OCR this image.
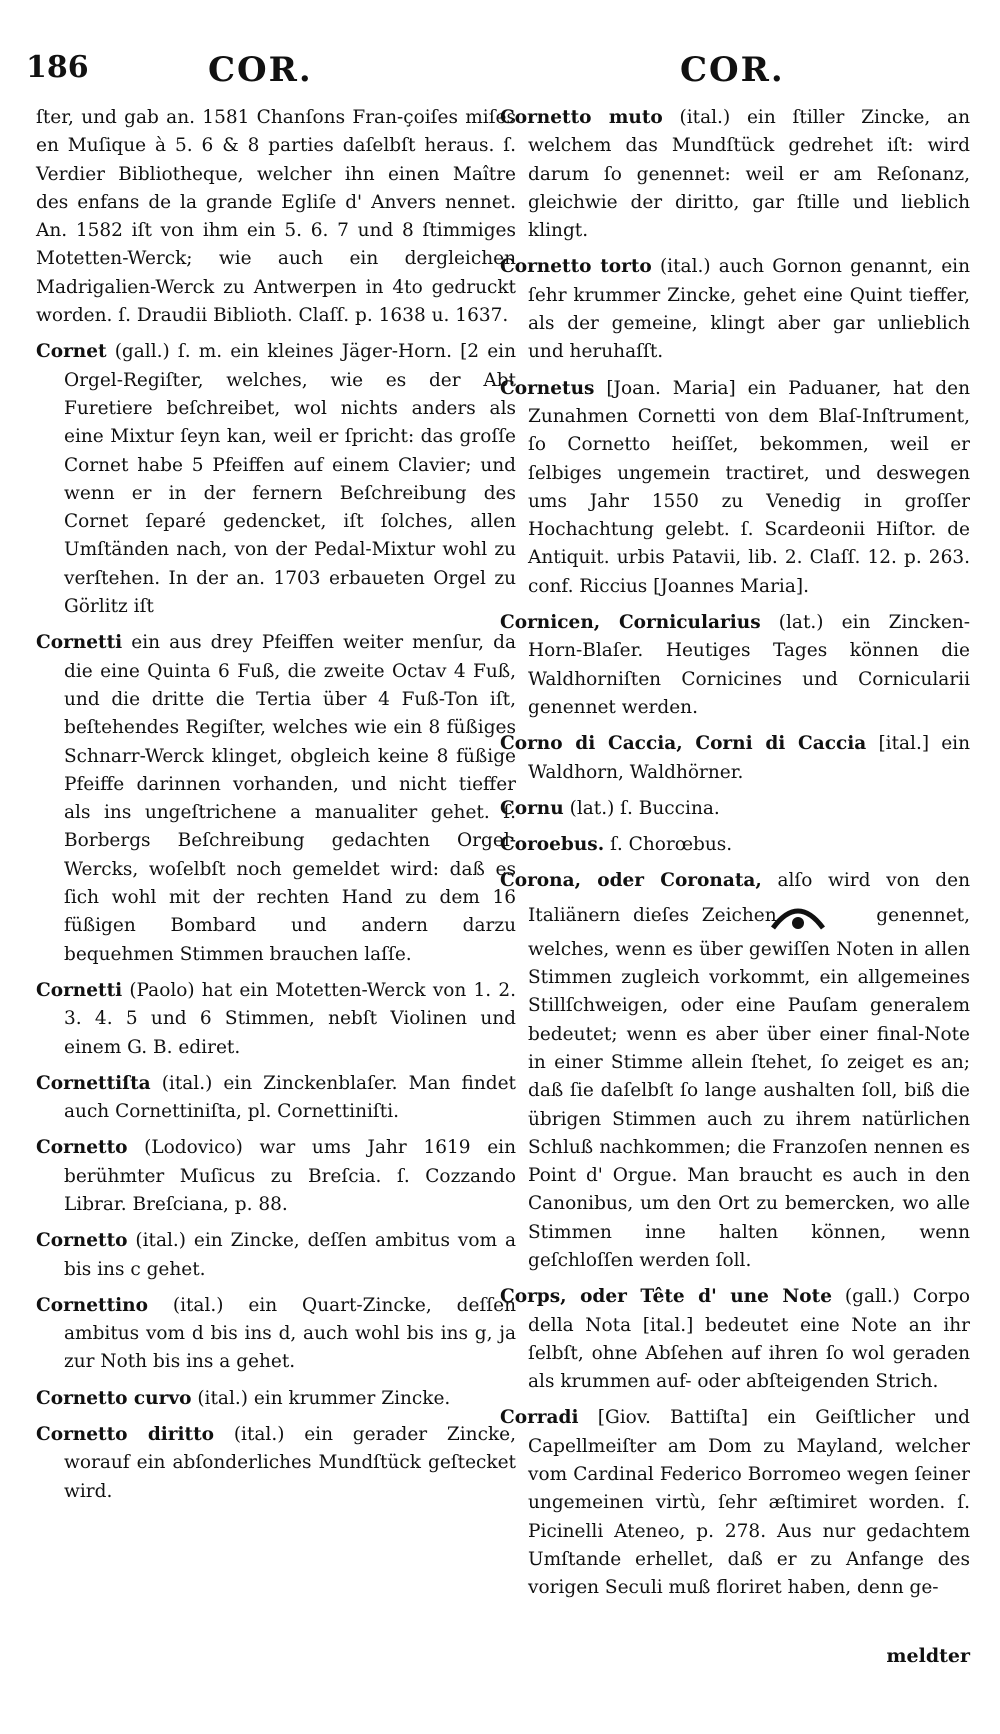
186	COR.	COR.

ſter, und gab an. 1581 Chanſons Fran-çoiſes miſes en Muſique à 5. 6 & 8 parties daſelbſt heraus. ſ. Verdier Bibliotheque, welcher ihn einen Maître des enfans de la grande Egliſe d' Anvers nennet. An. 1582 iſt von ihm ein 5. 6. 7 und 8 ſtimmiges Motetten-Werck; wie auch ein dergleichen Madrigalien-Werck zu Antwerpen in 4to gedruckt worden. ſ. Draudii Biblioth. Claſſ. p. 1638 u. 1637.

Cornet (gall.) ſ. m. ein kleines Jäger-Horn. [2 ein Orgel-Regiſter, welches, wie es der Abt Furetiere beſchreibet, wol nichts anders als eine Mixtur ſeyn kan, weil er ſpricht: das groſſe Cornet habe 5 Pfeiffen auf einem Clavier; und wenn er in der fernern Beſchreibung des Cornet ſeparé gedencket, iſt ſolches, allen Umſtänden nach, von der Pedal-Mixtur wohl zu verſtehen. In der an. 1703 erbaueten Orgel zu Görlitz iſt

Cornetti ein aus drey Pfeiffen weiter menſur, da die eine Quinta 6 Fuß, die zweite Octav 4 Fuß, und die dritte die Tertia über 4 Fuß-Ton iſt, beſtehendes Regiſter, welches wie ein 8 füßiges Schnarr-Werck klinget, obgleich keine 8 füßige Pfeiffe darinnen vorhanden, und nicht tieffer als ins ungeſtrichene a manualiter gehet. ſ. Borbergs Beſchreibung gedachten Orgel-Wercks, woſelbſt noch gemeldet wird: daß es ſich wohl mit der rechten Hand zu dem 16 füßigen Bombard und andern darzu bequehmen Stimmen brauchen laſſe.

Cornetti (Paolo) hat ein Motetten-Werck von 1. 2. 3. 4. 5 und 6 Stimmen, nebſt Violinen und einem G. B. ediret.

Cornettiſta (ital.) ein Zinckenblaſer. Man findet auch Cornettiniſta, pl. Cornettiniſti.

Cornetto (Lodovico) war ums Jahr 1619 ein berühmter Muſicus zu Breſcia. ſ. Cozzando Librar. Breſciana, p. 88.

Cornetto (ital.) ein Zincke, deſſen ambitus vom a bis ins c gehet.

Cornettino (ital.) ein Quart-Zincke, deſſen ambitus vom d bis ins d, auch wohl bis ins g, ja zur Noth bis ins a gehet.

Cornetto curvo (ital.) ein krummer Zincke.

Cornetto diritto (ital.) ein gerader Zincke, worauf ein abſonderliches Mundſtück geſtecket wird.

Cornetto muto (ital.) ein ſtiller Zincke, an welchem das Mundſtück gedrehet iſt: wird darum ſo genennet: weil er am Reſonanz, gleichwie der diritto, gar ſtille und lieblich klingt.

Cornetto torto (ital.) auch Gornon genannt, ein ſehr krummer Zincke, gehet eine Quint tieffer, als der gemeine, klingt aber gar unlieblich und heruhaſſt.

Cornetus [Joan. Maria] ein Paduaner, hat den Zunahmen Cornetti von dem Blaſ-Inſtrument, ſo Cornetto heiſſet, bekommen, weil er ſelbiges ungemein tractiret, und deswegen ums Jahr 1550 zu Venedig in groſſer Hochachtung gelebt. ſ. Scardeonii Hiſtor. de Antiquit. urbis Patavii, lib. 2. Claſſ. 12. p. 263. conf. Riccius [Joannes Maria].

Cornicen, Cornicularius (lat.) ein Zincken-Horn-Blaſer. Heutiges Tages können die Waldhorniſten Cornicines und Cornicularii genennet werden.

Corno di Caccia, Corni di Caccia [ital.] ein Waldhorn, Waldhörner.

Cornu (lat.) ſ. Buccina.

Coroebus. ſ. Chorœbus.

Corona, oder Coronata, alſo wird von den Italiänern dieſes Zeichen	genennet, welches, wenn es über gewiſſen Noten in allen Stimmen zugleich vorkommt, ein allgemeines Stillſchweigen, oder eine Pauſam generalem bedeutet; wenn es aber über einer final-Note in einer Stimme allein ſtehet, ſo zeiget es an; daß ſie daſelbſt ſo lange aushalten ſoll, biß die übrigen Stimmen auch zu ihrem natürlichen Schluß nachkommen; die Franzoſen nennen es Point d' Orgue. Man braucht es auch in den Canonibus, um den Ort zu bemercken, wo alle Stimmen inne halten können, wenn geſchloſſen werden ſoll.

Corps, oder Tête d' une Note (gall.) Corpo della Nota [ital.] bedeutet eine Note an ihr ſelbſt, ohne Abſehen auf ihren ſo wol geraden als krummen auf- oder abſteigenden Strich.

Corradi [Giov. Battiſta] ein Geiſtlicher und Capellmeiſter am Dom zu Mayland, welcher vom Cardinal Federico Borromeo wegen ſeiner ungemeinen virtù, ſehr æſtimiret worden. ſ. Picinelli Ateneo, p. 278. Aus nur gedachtem Umſtande erhellet, daß er zu Anfange des vorigen Seculi muß floriret haben, denn ge-

meldter
